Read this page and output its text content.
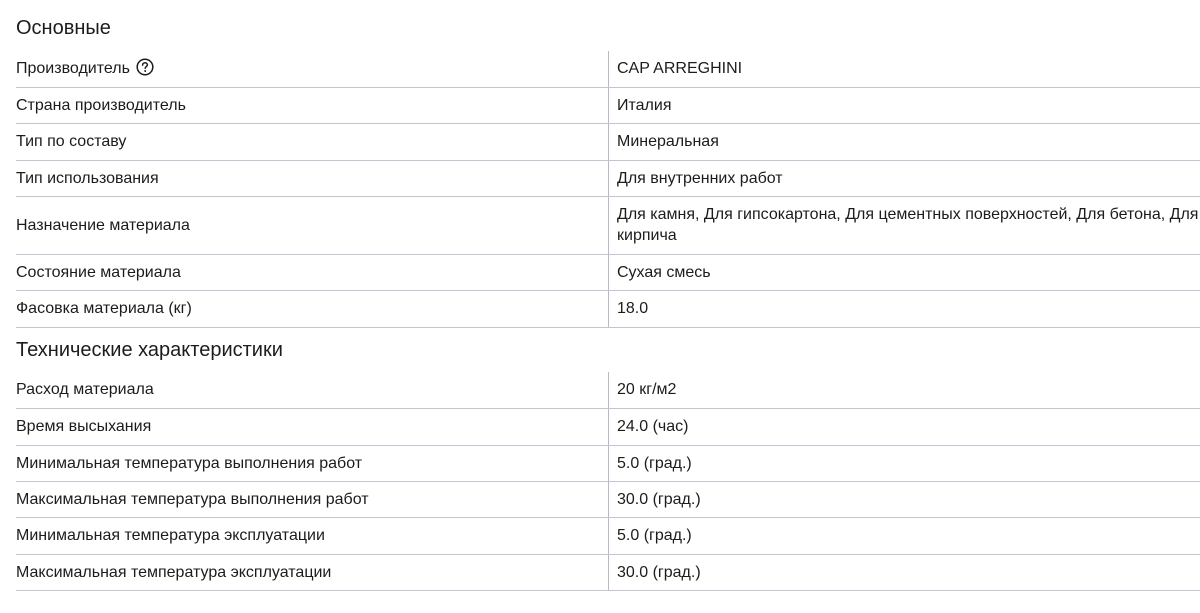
Основные
Производитель	CAP ARREGHINI
Страна производитель	Италия
Тип по составу	Минеральная
Тип использования	Для внутренних работ
Назначение материала	Для камня, Для гипсокартона, Для цементных поверхностей, Для бетона, Для кирпича
Состояние материала	Сухая смесь
Фасовка материала (кг)	18.0
Технические характеристики
Расход материала	20 кг/м2
Время высыхания	24.0 (час)
Минимальная температура выполнения работ	5.0 (град.)
Максимальная температура выполнения работ	30.0 (град.)
Минимальная температура эксплуатации	5.0 (град.)
Максимальная температура эксплуатации	30.0 (град.)
